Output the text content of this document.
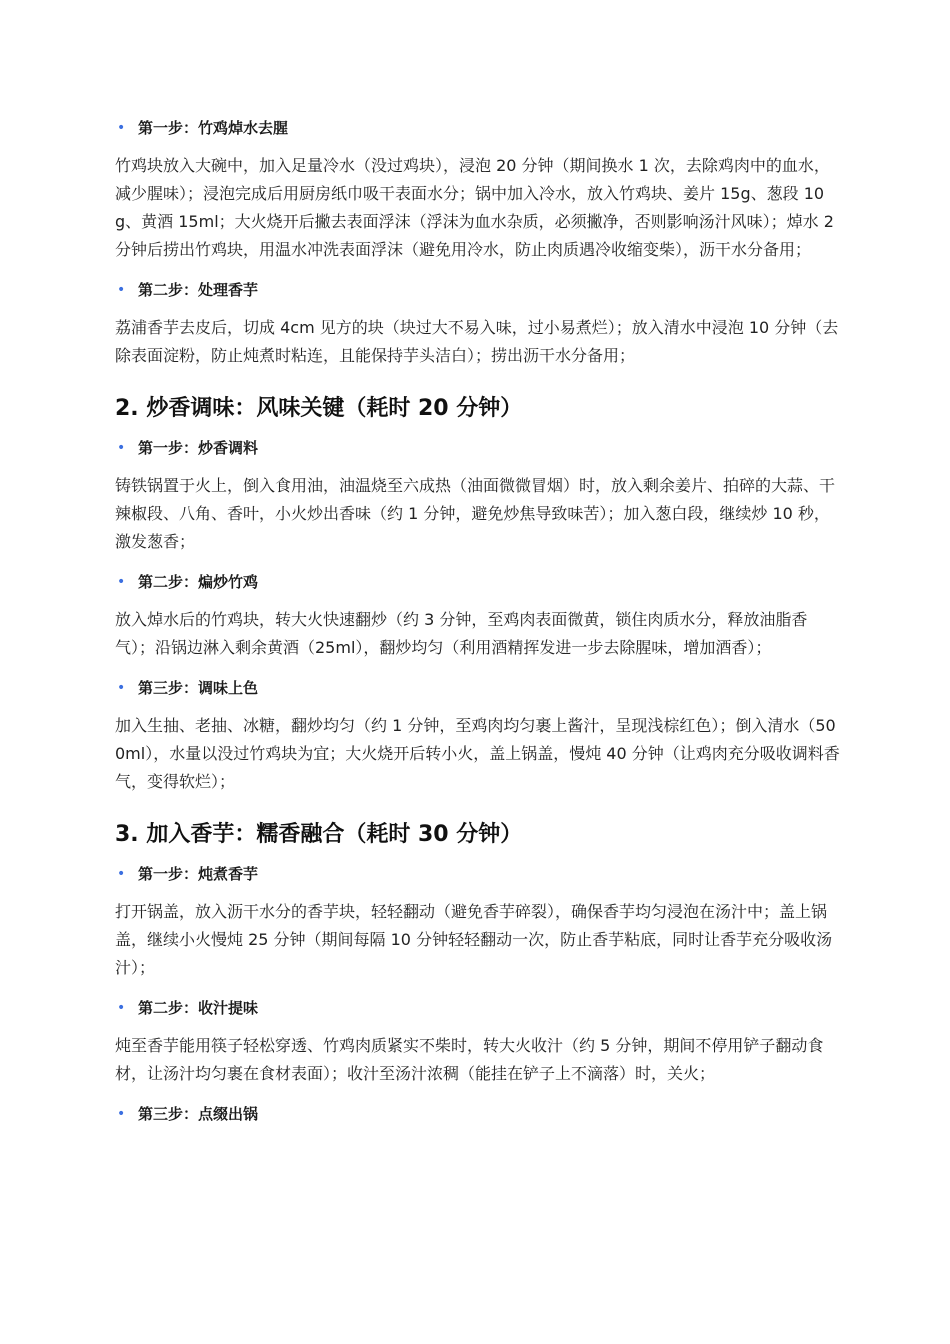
• 第一步：竹鸡焯水去腥

竹鸡块放入大碗中，加入足量冷水（没过鸡块），浸泡 20 分钟（期间换水 1 次，去除鸡肉中的血水，减少腥味）；浸泡完成后用厨房纸巾吸干表面水分；锅中加入冷水，放入竹鸡块、姜片 15g、葱段 10g、黄酒 15ml；大火烧开后撇去表面浮沫（浮沫为血水杂质，必须撇净，否则影响汤汁风味）；焯水 2 分钟后捞出竹鸡块，用温水冲洗表面浮沫（避免用冷水，防止肉质遇冷收缩变柴），沥干水分备用；

• 第二步：处理香芋

荔浦香芋去皮后，切成 4cm 见方的块（块过大不易入味，过小易煮烂）；放入清水中浸泡 10 分钟（去除表面淀粉，防止炖煮时粘连，且能保持芋头洁白）；捞出沥干水分备用；

2. 炒香调味：风味关键（耗时 20 分钟）
• 第一步：炒香调料

铸铁锅置于火上，倒入食用油，油温烧至六成热（油面微微冒烟）时，放入剩余姜片、拍碎的大蒜、干辣椒段、八角、香叶，小火炒出香味（约 1 分钟，避免炒焦导致味苦）；加入葱白段，继续炒 10 秒，激发葱香；

• 第二步：煸炒竹鸡

放入焯水后的竹鸡块，转大火快速翻炒（约 3 分钟，至鸡肉表面微黄，锁住肉质水分，释放油脂香气）；沿锅边淋入剩余黄酒（25ml），翻炒均匀（利用酒精挥发进一步去除腥味，增加酒香）；

• 第三步：调味上色

加入生抽、老抽、冰糖，翻炒均匀（约 1 分钟，至鸡肉均匀裹上酱汁，呈现浅棕红色）；倒入清水（500ml），水量以没过竹鸡块为宜；大火烧开后转小火，盖上锅盖，慢炖 40 分钟（让鸡肉充分吸收调料香气，变得软烂）；

3. 加入香芋：糯香融合（耗时 30 分钟）
• 第一步：炖煮香芋

打开锅盖，放入沥干水分的香芋块，轻轻翻动（避免香芋碎裂），确保香芋均匀浸泡在汤汁中；盖上锅盖，继续小火慢炖 25 分钟（期间每隔 10 分钟轻轻翻动一次，防止香芋粘底，同时让香芋充分吸收汤汁）；

• 第二步：收汁提味

炖至香芋能用筷子轻松穿透、竹鸡肉质紧实不柴时，转大火收汁（约 5 分钟，期间不停用铲子翻动食材，让汤汁均匀裹在食材表面）；收汁至汤汁浓稠（能挂在铲子上不滴落）时，关火；

• 第三步：点缀出锅
